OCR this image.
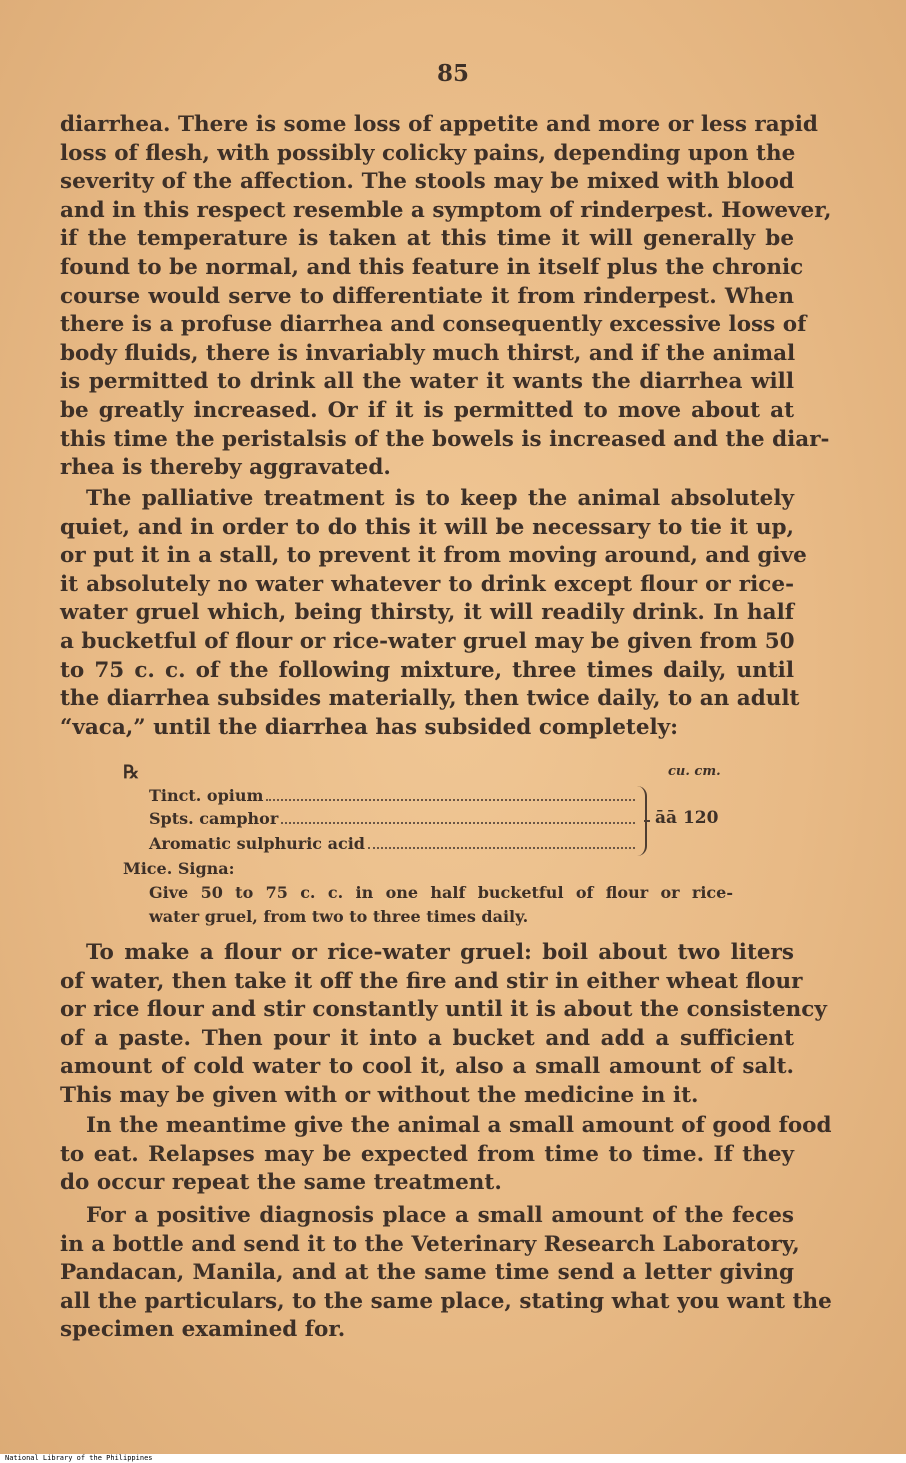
85

diarrhea. There is some loss of appetite and more or less rapid
loss of flesh, with possibly colicky pains, depending upon the
severity of the affection. The stools may be mixed with blood
and in this respect resemble a symptom of rinderpest. However,
if the temperature is taken at this time it will generally be
found to be normal, and this feature in itself plus the chronic
course would serve to differentiate it from rinderpest. When
there is a profuse diarrhea and consequently excessive loss of
body fluids, there is invariably much thirst, and if the animal
is permitted to drink all the water it wants the diarrhea will
be greatly increased. Or if it is permitted to move about at
this time the peristalsis of the bowels is increased and the diar-
rhea is thereby aggravated.

The palliative treatment is to keep the animal absolutely
quiet, and in order to do this it will be necessary to tie it up,
or put it in a stall, to prevent it from moving around, and give
it absolutely no water whatever to drink except flour or rice-
water gruel which, being thirsty, it will readily drink. In half
a bucketful of flour or rice-water gruel may be given from 50
to 75 c. c. of the following mixture, three times daily, until
the diarrhea subsides materially, then twice daily, to an adult
“vaca,” until the diarrhea has subsided completely:

℞	cu. cm.
Tinct. opium
Spts. camphor
Aromatic sulphuric acid
āā 120
Mice. Signa:
Give 50 to 75 c. c. in one half bucketful of flour or rice-
water gruel, from two to three times daily.

To make a flour or rice-water gruel: boil about two liters
of water, then take it off the fire and stir in either wheat flour
or rice flour and stir constantly until it is about the consistency
of a paste. Then pour it into a bucket and add a sufficient
amount of cold water to cool it, also a small amount of salt.
This may be given with or without the medicine in it.

In the meantime give the animal a small amount of good food
to eat. Relapses may be expected from time to time. If they
do occur repeat the same treatment.

For a positive diagnosis place a small amount of the feces
in a bottle and send it to the Veterinary Research Laboratory,
Pandacan, Manila, and at the same time send a letter giving
all the particulars, to the same place, stating what you want the
specimen examined for.

National Library of the Philippines
